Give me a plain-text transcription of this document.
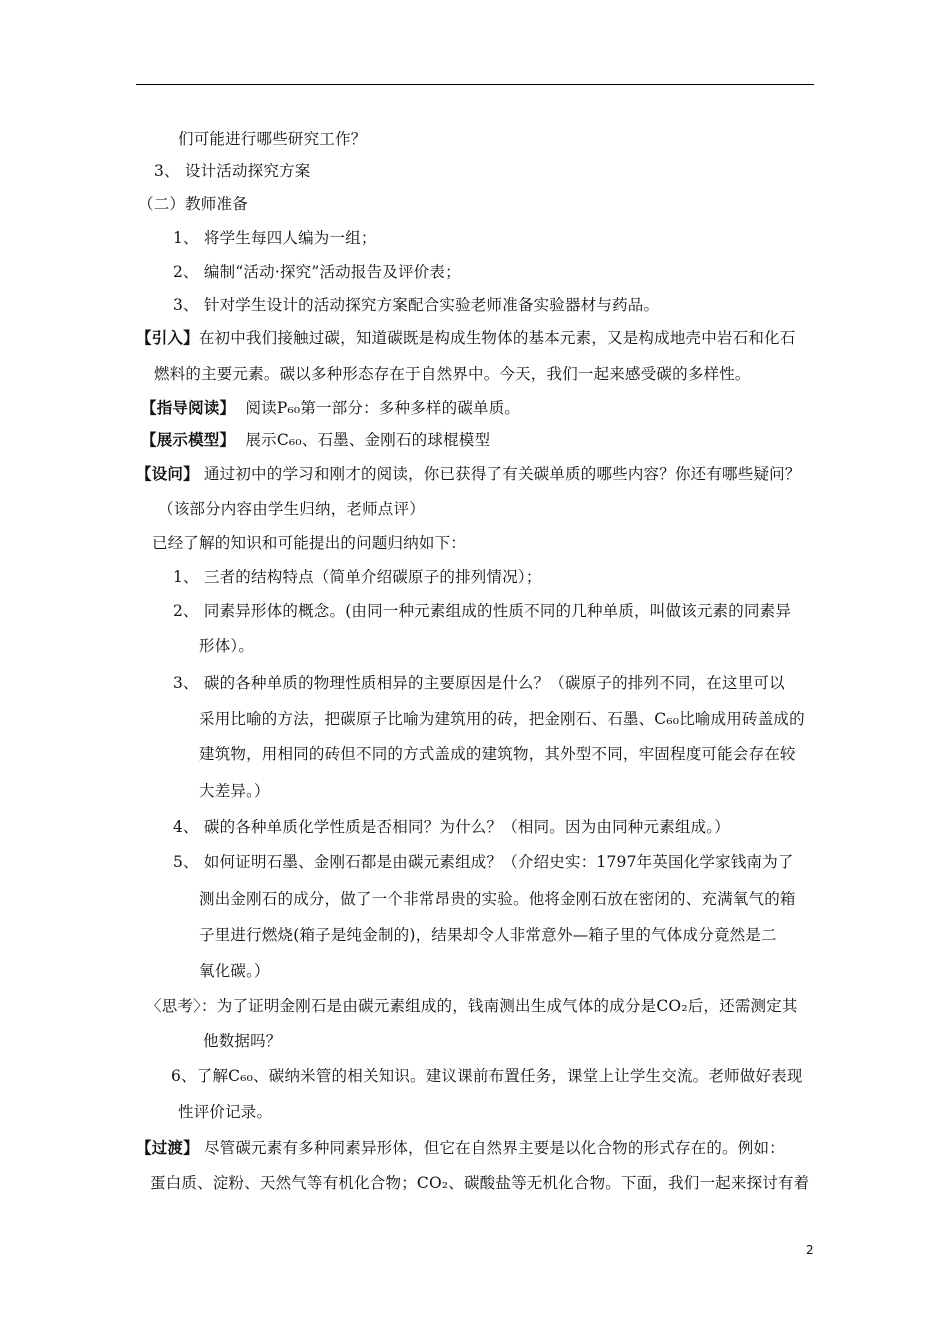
们可能进行哪些研究工作？
3、 设计活动探究方案
（二）教师准备
1、 将学生每四人编为一组；
2、 编制“活动·探究”活动报告及评价表；
3、 针对学生设计的活动探究方案配合实验老师准备实验器材与药品。
【引入】在初中我们接触过碳，知道碳既是构成生物体的基本元素，又是构成地壳中岩石和化石
燃料的主要元素。碳以多种形态存在于自然界中。今天，我们一起来感受碳的多样性。
【指导阅读】 阅读P₆₀第一部分：多种多样的碳单质。
【展示模型】 展示C₆₀、石墨、金刚石的球棍模型
【设问】 通过初中的学习和刚才的阅读，你已获得了有关碳单质的哪些内容？你还有哪些疑问？
（该部分内容由学生归纳，老师点评）
已经了解的知识和可能提出的问题归纳如下：
1、 三者的结构特点（简单介绍碳原子的排列情况）；
2、 同素异形体的概念。(由同一种元素组成的性质不同的几种单质，叫做该元素的同素异
形体）。
3、 碳的各种单质的物理性质相异的主要原因是什么？（碳原子的排列不同，在这里可以
采用比喻的方法，把碳原子比喻为建筑用的砖，把金刚石、石墨、C₆₀比喻成用砖盖成的
建筑物，用相同的砖但不同的方式盖成的建筑物，其外型不同，牢固程度可能会存在较
大差异。）
4、 碳的各种单质化学性质是否相同？为什么？（相同。因为由同种元素组成。）
5、 如何证明石墨、金刚石都是由碳元素组成？（介绍史实：1797年英国化学家钱南为了
测出金刚石的成分，做了一个非常昂贵的实验。他将金刚石放在密闭的、充满氧气的箱
子里进行燃烧(箱子是纯金制的)，结果却令人非常意外—箱子里的气体成分竟然是二
氧化碳。）
〈思考〉：为了证明金刚石是由碳元素组成的，钱南测出生成气体的成分是CO₂后，还需测定其
他数据吗？
6、了解C₆₀、碳纳米管的相关知识。建议课前布置任务，课堂上让学生交流。老师做好表现
性评价记录。
【过渡】 尽管碳元素有多种同素异形体，但它在自然界主要是以化合物的形式存在的。例如：
蛋白质、淀粉、天然气等有机化合物；CO₂、碳酸盐等无机化合物。下面，我们一起来探讨有着
2
